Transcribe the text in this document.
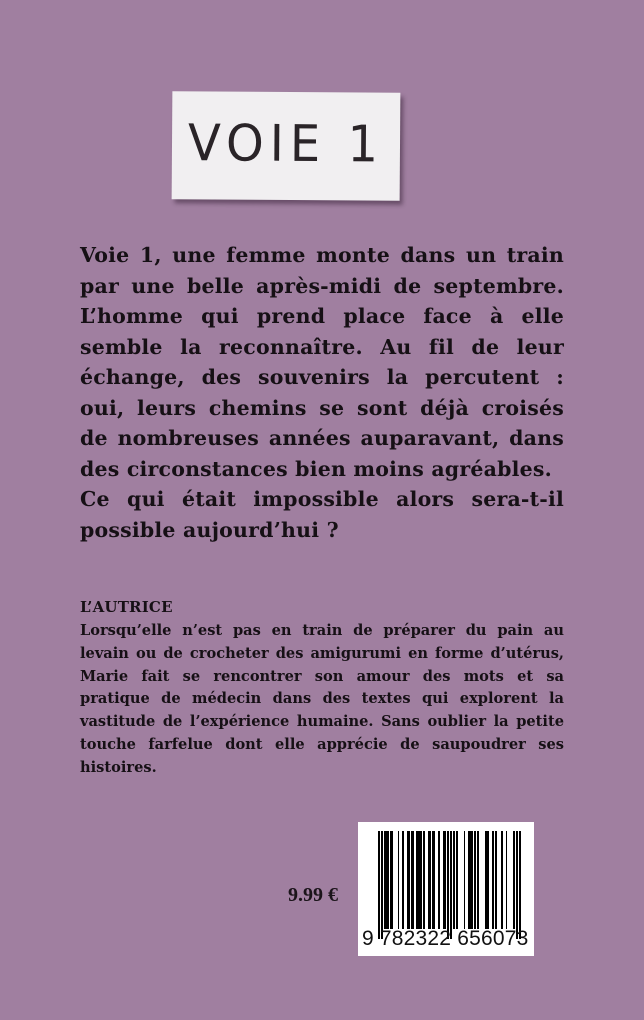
VOIE 1

Voie 1, une femme monte dans un train par une belle après-midi de septembre. L’homme qui prend place face à elle semble la reconnaître. Au fil de leur échange, des souvenirs la percutent : oui, leurs chemins se sont déjà croisés de nombreuses années auparavant, dans des circonstances bien moins agréables.

Ce qui était impossible alors sera-t-il possible aujourd’hui ?

L’AUTRICE
Lorsqu’elle n’est pas en train de préparer du pain au levain ou de crocheter des amigurumi en forme d’utérus, Marie fait se rencontrer son amour des mots et sa pratique de médecin dans des textes qui explorent la vastitude de l’expérience humaine. Sans oublier la petite touche farfelue dont elle apprécie de saupoudrer ses histoires.
9.99 €
9 782322 656073
